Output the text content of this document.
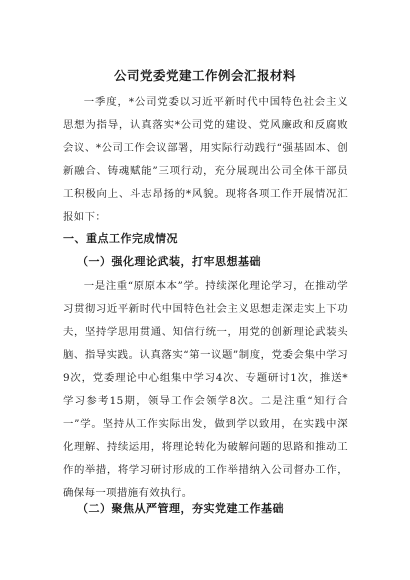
公司党委党建工作例会汇报材料

一季度，*公司党委以习近平新时代中国特色社会主义思想为指导，认真落实*公司党的建设、党风廉政和反腐败会议、*公司工作会议部署，用实际行动践行“强基固本、创新融合、铸魂赋能”三项行动，充分展现出公司全体干部员工积极向上、斗志昂扬的*风貌。现将各项工作开展情况汇报如下：

一、重点工作完成情况
（一）强化理论武装，打牢思想基础

一是注重“原原本本”学。持续深化理论学习，在推动学习贯彻习近平新时代中国特色社会主义思想走深走实上下功夫，坚持学思用贯通、知信行统一，用党的创新理论武装头脑、指导实践。认真落实“第一议题”制度，党委会集中学习9次，党委理论中心组集中学习4次、专题研讨1次，推送*学习参考15期，领导工作会领学8次。二是注重“知行合一”学。坚持从工作实际出发，做到学以致用，在实践中深化理解、持续运用，将理论转化为破解问题的思路和推动工作的举措，将学习研讨形成的工作举措纳入公司督办工作，确保每一项措施有效执行。

（二）聚焦从严管理，夯实党建工作基础
